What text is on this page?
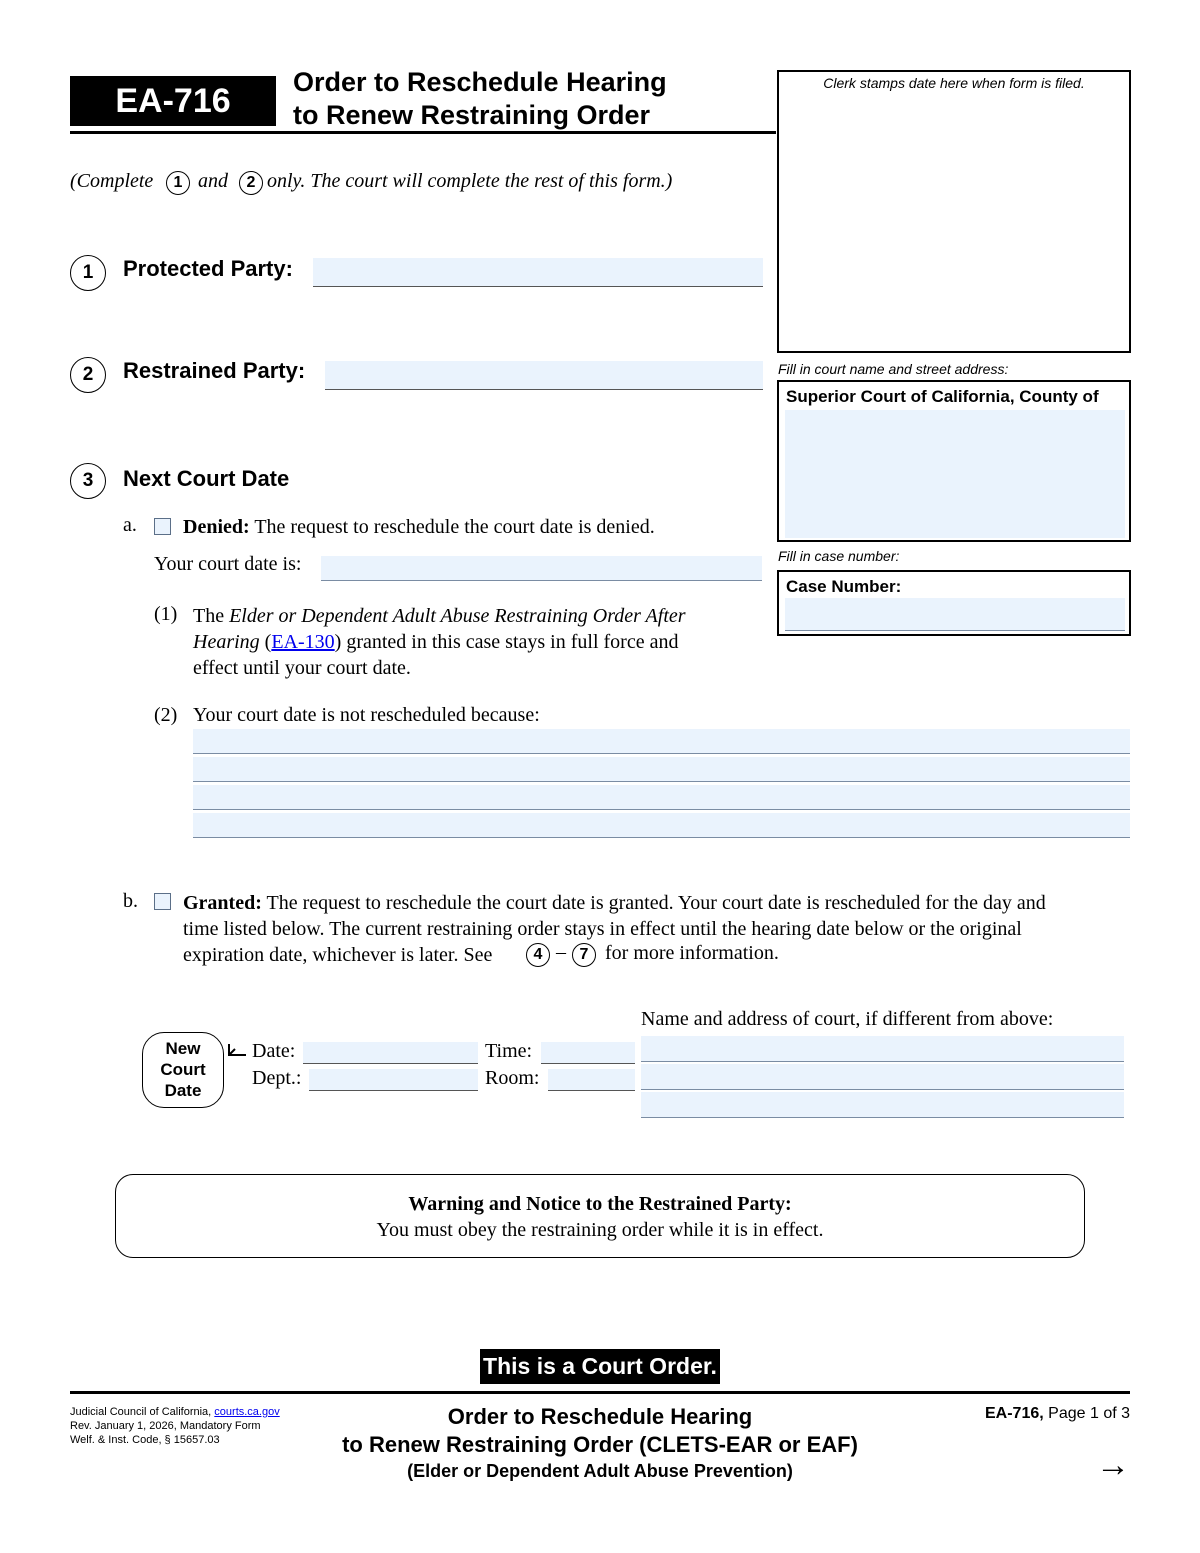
EA-716 Order to Reschedule Hearing
to Renew Restraining Order
(Complete	1 and	2 only. The court will complete the rest of this form.)
Clerk stamps date here when form is filed.
Fill in court name and street address:
Superior Court of California, County of
Fill in case number:
Case Number:
1	Protected Party:
2	Restrained Party:
3	Next Court Date
a. Denied: The request to reschedule the court date is denied.
Your court date is:
(1) The Elder or Dependent Adult Abuse Restraining Order After
Hearing (EA-130) granted in this case stays in full force and
effect until your court date.
(2) Your court date is not rescheduled because:
b. Granted: The request to reschedule the court date is granted. Your court date is rescheduled for the day and
time listed below. The current restraining order stays in effect until the hearing date below or the original
expiration date, whichever is later. See	4 – 7 for more information.
New
Court
Date
Date:	Time:
Dept.:	Room:
Name and address of court, if different from above:
Warning and Notice to the Restrained Party:
You must obey the restraining order while it is in effect.
This is a Court Order.
Judicial Council of California, courts.ca.gov
Rev. January 1, 2026, Mandatory Form
Welf. & Inst. Code, § 15657.03
Order to Reschedule Hearing
to Renew Restraining Order (CLETS-EAR or EAF)
(Elder or Dependent Adult Abuse Prevention)
EA-716, Page 1 of 3
→
